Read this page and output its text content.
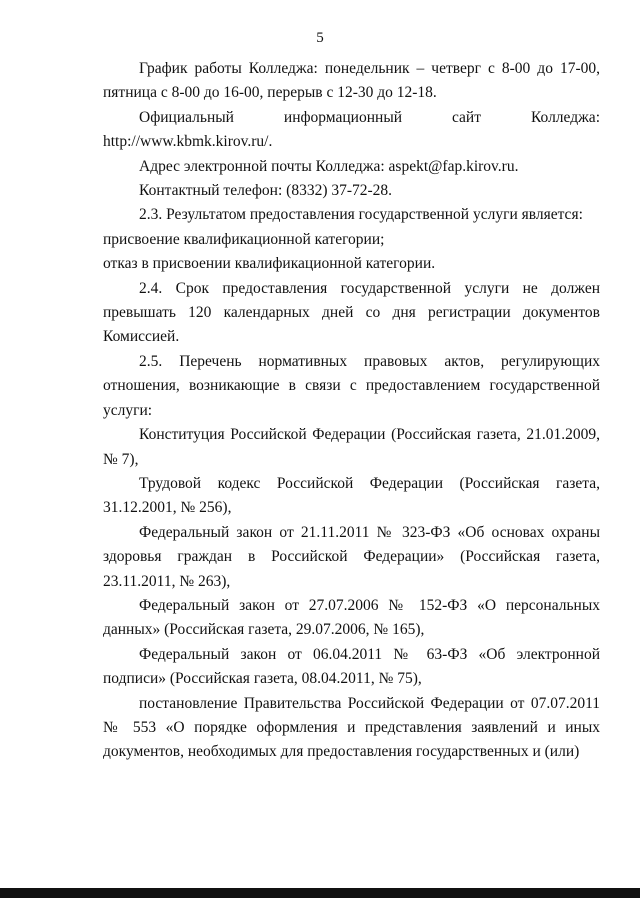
5

График работы Колледжа: понедельник – четверг с 8-00 до 17-00, пятница с 8-00 до 16-00, перерыв с 12-30 до 12-18.

Официальный информационный сайт Колледжа: http://www.kbmk.kirov.ru/.

Адрес электронной почты Колледжа: aspekt@fap.kirov.ru.

Контактный телефон: (8332) 37-72-28.

2.3. Результатом предоставления государственной услуги является:

присвоение квалификационной категории;

отказ в присвоении квалификационной категории.

2.4. Срок предоставления государственной услуги не должен превышать 120 календарных дней со дня регистрации документов Комиссией.

2.5. Перечень нормативных правовых актов, регулирующих отношения, возникающие в связи с предоставлением государственной услуги:

Конституция Российской Федерации (Российская газета, 21.01.2009, № 7),

Трудовой кодекс Российской Федерации (Российская газета, 31.12.2001, № 256),

Федеральный закон от 21.11.2011 № 323-ФЗ «Об основах охраны здоровья граждан в Российской Федерации» (Российская газета, 23.11.2011, № 263),

Федеральный закон от 27.07.2006 № 152-ФЗ «О персональных данных» (Российская газета, 29.07.2006, № 165),

Федеральный закон от 06.04.2011 № 63-ФЗ «Об электронной подписи» (Российская газета, 08.04.2011, № 75),

постановление Правительства Российской Федерации от 07.07.2011 № 553 «О порядке оформления и представления заявлений и иных документов, необходимых для предоставления государственных и (или)
